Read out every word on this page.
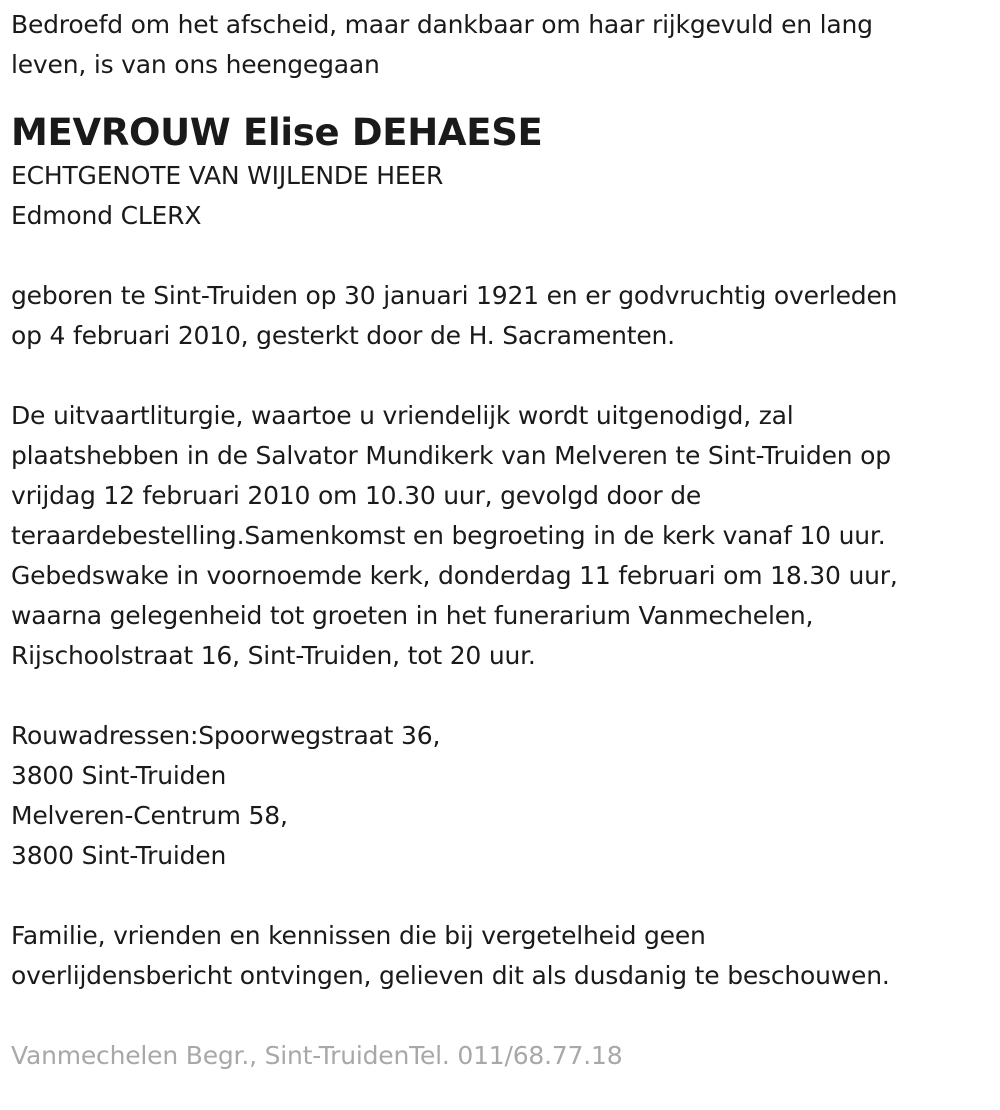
Bedroefd om het afscheid, maar dankbaar om haar rijkgevuld en lang
leven, is van ons heengegaan
MEVROUW Elise DEHAESE
ECHTGENOTE VAN WIJLENDE HEER
Edmond CLERX
geboren te Sint-Truiden op 30 januari 1921 en er godvruchtig overleden
op 4 februari 2010, gesterkt door de H. Sacramenten.
De uitvaartliturgie, waartoe u vriendelijk wordt uitgenodigd, zal
plaatshebben in de Salvator Mundikerk van Melveren te Sint-Truiden op
vrijdag 12 februari 2010 om 10.30 uur, gevolgd door de
teraardebestelling.Samenkomst en begroeting in de kerk vanaf 10 uur.
Gebedswake in voornoemde kerk, donderdag 11 februari om 18.30 uur,
waarna gelegenheid tot groeten in het funerarium Vanmechelen,
Rijschoolstraat 16, Sint-Truiden, tot 20 uur.
Rouwadressen:Spoorwegstraat 36,
3800 Sint-Truiden
Melveren-Centrum 58,
3800 Sint-Truiden
Familie, vrienden en kennissen die bij vergetelheid geen
overlijdensbericht ontvingen, gelieven dit als dusdanig te beschouwen.
Vanmechelen Begr., Sint-TruidenTel. 011/68.77.18
